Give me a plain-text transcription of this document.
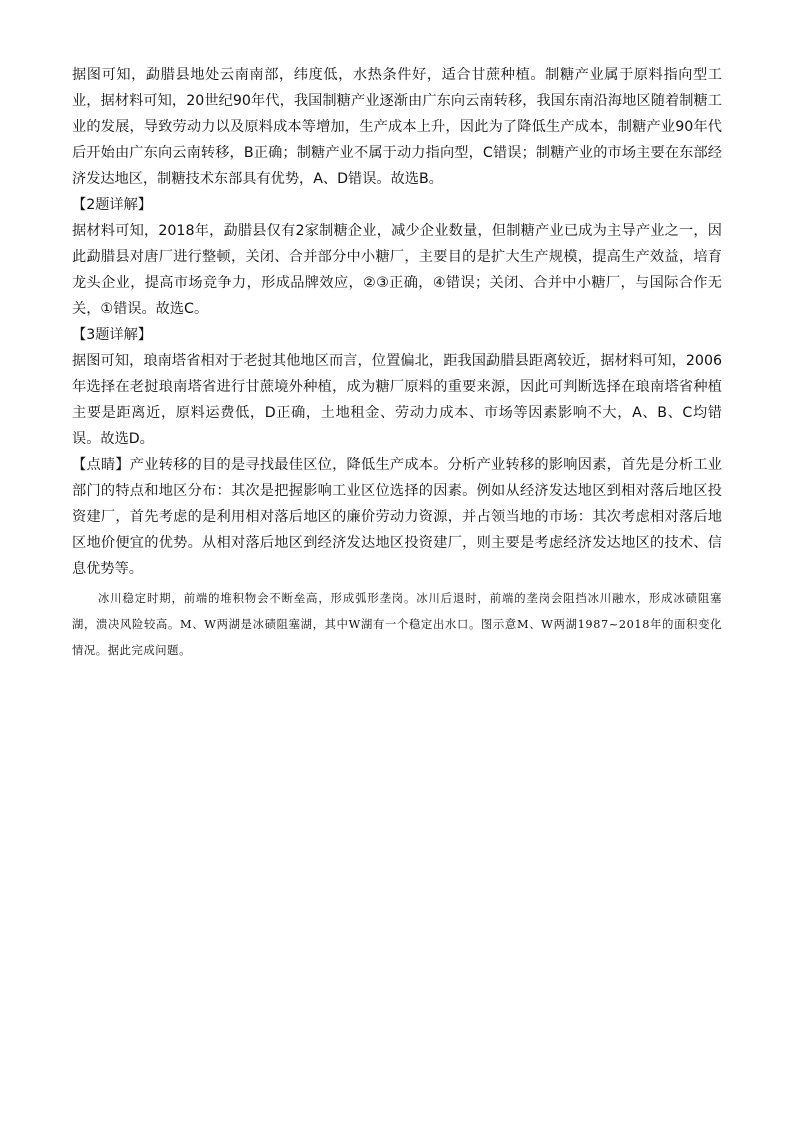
据图可知，勐腊县地处云南南部，纬度低，水热条件好，适合甘蔗种植。制糖产业属于原料指向型工业，据材料可知，20世纪90年代，我国制糖产业逐渐由广东向云南转移，我国东南沿海地区随着制糖工业的发展，导致劳动力以及原料成本等增加，生产成本上升，因此为了降低生产成本，制糖产业90年代后开始由广东向云南转移，B正确；制糖产业不属于动力指向型，C错误；制糖产业的市场主要在东部经济发达地区，制糖技术东部具有优势，A、D错误。故选B。

【2题详解】

据材料可知，2018年，勐腊县仅有2家制糖企业，减少企业数量，但制糖产业已成为主导产业之一，因此勐腊县对唐厂进行整顿，关闭、合并部分中小糖厂，主要目的是扩大生产规模，提高生产效益，培育龙头企业，提高市场竞争力，形成品牌效应，②③正确，④错误；关闭、合并中小糖厂，与国际合作无关，①错误。故选C。

【3题详解】

据图可知，琅南塔省相对于老挝其他地区而言，位置偏北，距我国勐腊县距离较近，据材料可知，2006年选择在老挝琅南塔省进行甘蔗境外种植，成为糖厂原料的重要来源，因此可判断选择在琅南塔省种植主要是距离近，原料运费低，D正确，土地租金、劳动力成本、市场等因素影响不大，A、B、C均错误。故选D。

【点睛】产业转移的目的是寻找最佳区位，降低生产成本。分析产业转移的影响因素，首先是分析工业部门的特点和地区分布：其次是把握影响工业区位选择的因素。例如从经济发达地区到相对落后地区投资建厂，首先考虑的是利用相对落后地区的廉价劳动力资源，并占领当地的市场：其次考虑相对落后地区地价便宜的优势。从相对落后地区到经济发达地区投资建厂，则主要是考虑经济发达地区的技术、信息优势等。

冰川稳定时期，前端的堆积物会不断垒高，形成弧形垄岗。冰川后退时，前端的垄岗会阻挡冰川融水，形成冰碛阻塞湖，溃决风险较高。M、W两湖是冰碛阻塞湖，其中W湖有一个稳定出水口。图示意M、W两湖1987~2018年的面积变化情况。据此完成问题。
